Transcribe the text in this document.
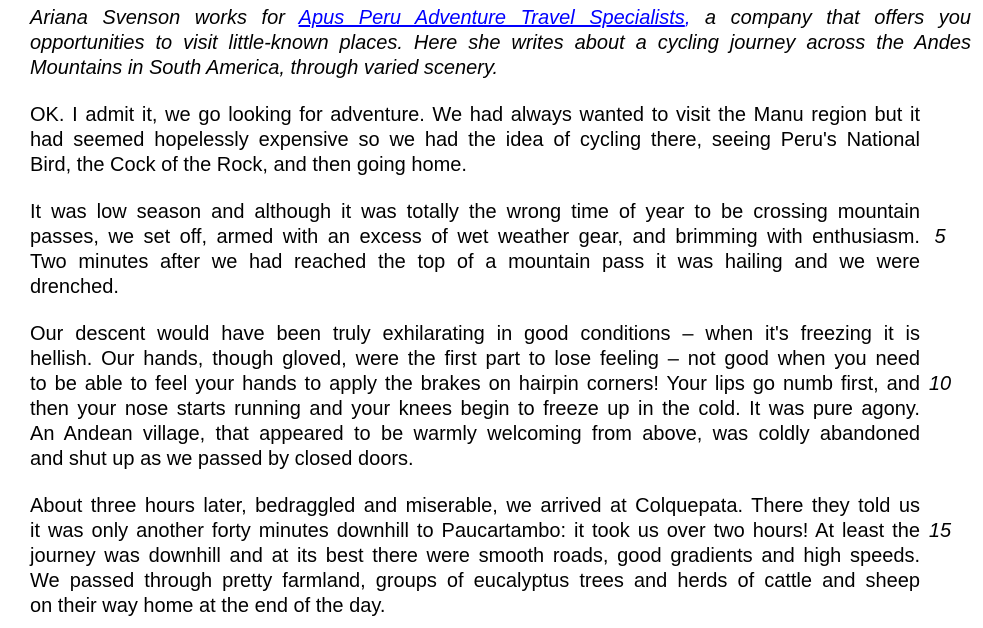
Ariana Svenson works for Apus Peru Adventure Travel Specialists, a company that offers you
opportunities to visit little-known places. Here she writes about a cycling journey across the Andes
Mountains in South America, through varied scenery.
OK. I admit it, we go looking for adventure. We had always wanted to visit the Manu region but it
had seemed hopelessly expensive so we had the idea of cycling there, seeing Peru's National
Bird, the Cock of the Rock, and then going home.
It was low season and although it was totally the wrong time of year to be crossing mountain
passes, we set off, armed with an excess of wet weather gear, and brimming with enthusiasm. 5
Two minutes after we had reached the top of a mountain pass it was hailing and we were
drenched.
Our descent would have been truly exhilarating in good conditions – when it's freezing it is
hellish. Our hands, though gloved, were the first part to lose feeling – not good when you need
to be able to feel your hands to apply the brakes on hairpin corners! Your lips go numb first, and 10
then your nose starts running and your knees begin to freeze up in the cold. It was pure agony.
An Andean village, that appeared to be warmly welcoming from above, was coldly abandoned
and shut up as we passed by closed doors.
About three hours later, bedraggled and miserable, we arrived at Colquepata. There they told us
it was only another forty minutes downhill to Paucartambo: it took us over two hours! At least the 15
journey was downhill and at its best there were smooth roads, good gradients and high speeds.
We passed through pretty farmland, groups of eucalyptus trees and herds of cattle and sheep
on their way home at the end of the day.
